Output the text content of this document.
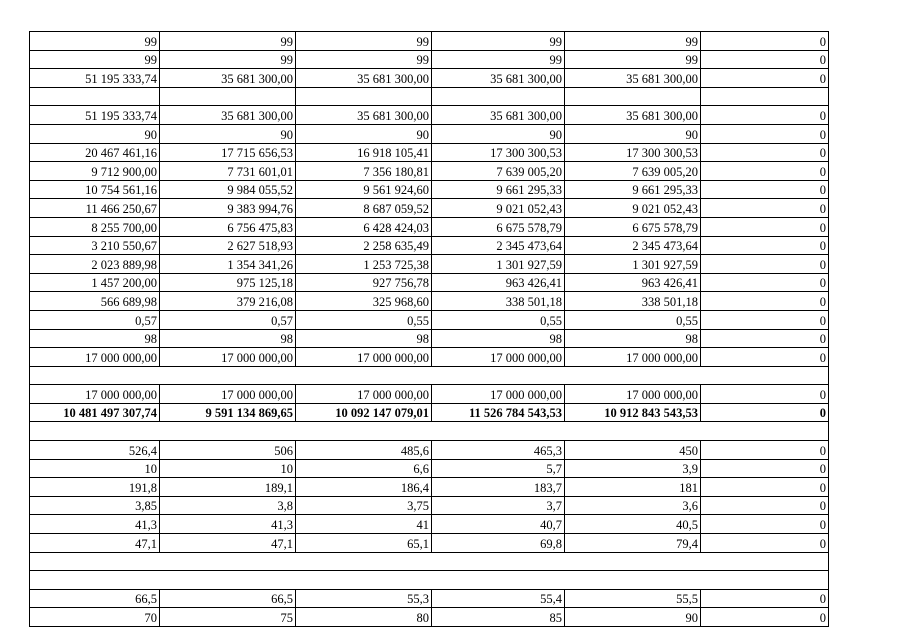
99	99	99	99	99	0
99	99	99	99	99	0
51 195 333,74	35 681 300,00	35 681 300,00	35 681 300,00	35 681 300,00	0

51 195 333,74	35 681 300,00	35 681 300,00	35 681 300,00	35 681 300,00	0
90	90	90	90	90	0
20 467 461,16	17 715 656,53	16 918 105,41	17 300 300,53	17 300 300,53	0
9 712 900,00	7 731 601,01	7 356 180,81	7 639 005,20	7 639 005,20	0
10 754 561,16	9 984 055,52	9 561 924,60	9 661 295,33	9 661 295,33	0
11 466 250,67	9 383 994,76	8 687 059,52	9 021 052,43	9 021 052,43	0
8 255 700,00	6 756 475,83	6 428 424,03	6 675 578,79	6 675 578,79	0
3 210 550,67	2 627 518,93	2 258 635,49	2 345 473,64	2 345 473,64	0
2 023 889,98	1 354 341,26	1 253 725,38	1 301 927,59	1 301 927,59	0
1 457 200,00	975 125,18	927 756,78	963 426,41	963 426,41	0
566 689,98	379 216,08	325 968,60	338 501,18	338 501,18	0
0,57	0,57	0,55	0,55	0,55	0
98	98	98	98	98	0
17 000 000,00	17 000 000,00	17 000 000,00	17 000 000,00	17 000 000,00	0

17 000 000,00	17 000 000,00	17 000 000,00	17 000 000,00	17 000 000,00	0
10 481 497 307,74	9 591 134 869,65	10 092 147 079,01	11 526 784 543,53	10 912 843 543,53	0

526,4	506	485,6	465,3	450	0
10	10	6,6	5,7	3,9	0
191,8	189,1	186,4	183,7	181	0
3,85	3,8	3,75	3,7	3,6	0
41,3	41,3	41	40,7	40,5	0
47,1	47,1	65,1	69,8	79,4	0

66,5	66,5	55,3	55,4	55,5	0
70	75	80	85	90	0
